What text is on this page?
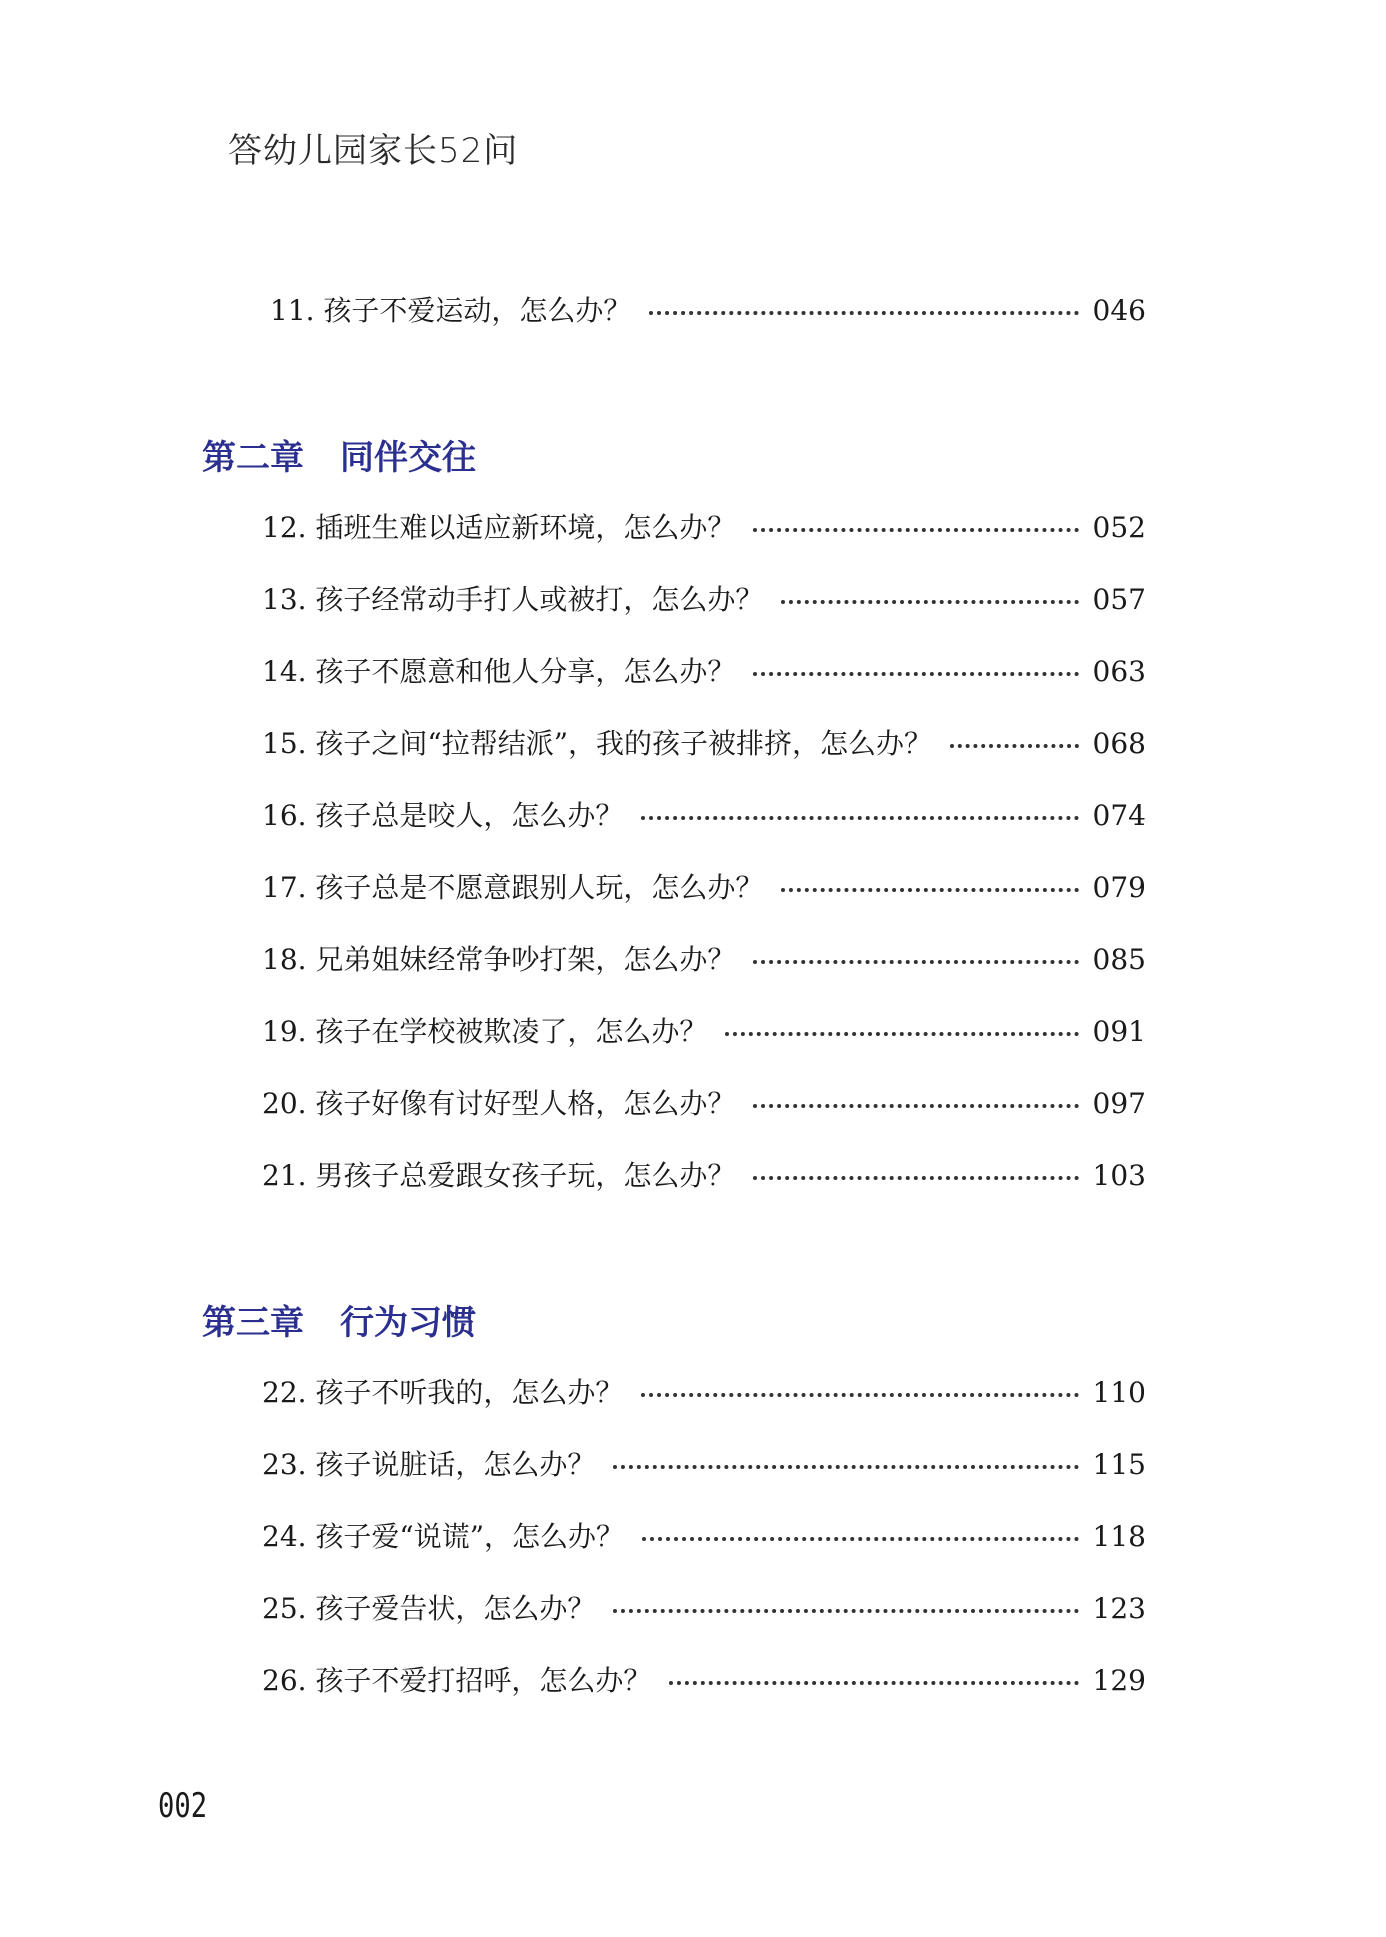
答幼儿园家长52问
11. 孩子不爱运动，怎么办？	046
第二章 同伴交往
12. 插班生难以适应新环境，怎么办？	052
13. 孩子经常动手打人或被打，怎么办？	057
14. 孩子不愿意和他人分享，怎么办？	063
15. 孩子之间“拉帮结派”，我的孩子被排挤，怎么办？	068
16. 孩子总是咬人，怎么办？	074
17. 孩子总是不愿意跟别人玩，怎么办？	079
18. 兄弟姐妹经常争吵打架，怎么办？	085
19. 孩子在学校被欺凌了，怎么办？	091
20. 孩子好像有讨好型人格，怎么办？	097
21. 男孩子总爱跟女孩子玩，怎么办？	103
第三章 行为习惯
22. 孩子不听我的，怎么办？	110
23. 孩子说脏话，怎么办？	115
24. 孩子爱“说谎”，怎么办？	118
25. 孩子爱告状，怎么办？	123
26. 孩子不爱打招呼，怎么办？	129
002
